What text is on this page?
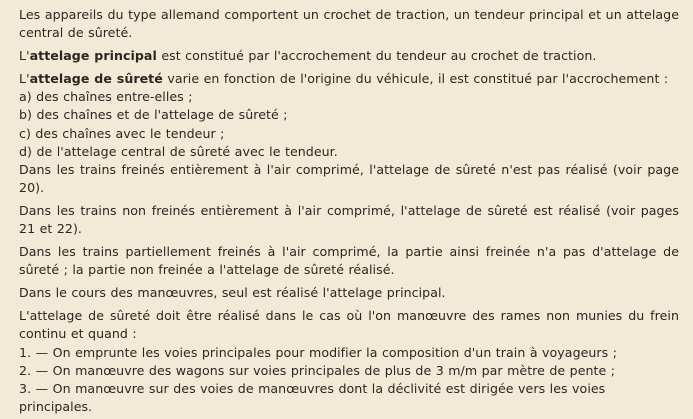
Les appareils du type allemand comportent un crochet de traction, un tendeur principal et un attelage central de sûreté.

L'attelage principal est constitué par l'accrochement du tendeur au crochet de traction.

L'attelage de sûreté varie en fonction de l'origine du véhicule, il est constitué par l'accrochement :

a) des chaînes entre-elles ;
b) des chaînes et de l'attelage de sûreté ;
c) des chaînes avec le tendeur ;
d) de l'attelage central de sûreté avec le tendeur.

Dans les trains freinés entièrement à l'air comprimé, l'attelage de sûreté n'est pas réalisé (voir page 20).

Dans les trains non freinés entièrement à l'air comprimé, l'attelage de sûreté est réalisé (voir pages 21 et 22).

Dans les trains partiellement freinés à l'air comprimé, la partie ainsi freinée n'a pas d'attelage de sûreté ; la partie non freinée a l'attelage de sûreté réalisé.

Dans le cours des manœuvres, seul est réalisé l'attelage principal.

L'attelage de sûreté doit être réalisé dans le cas où l'on manœuvre des rames non munies du frein continu et quand :

1. — On emprunte les voies principales pour modifier la composition d'un train à voyageurs ;
2. — On manœuvre des wagons sur voies principales de plus de 3 m/m par mètre de pente ;
3. — On manœuvre sur des voies de manœuvres dont la déclivité est dirigée vers les voies principales.
